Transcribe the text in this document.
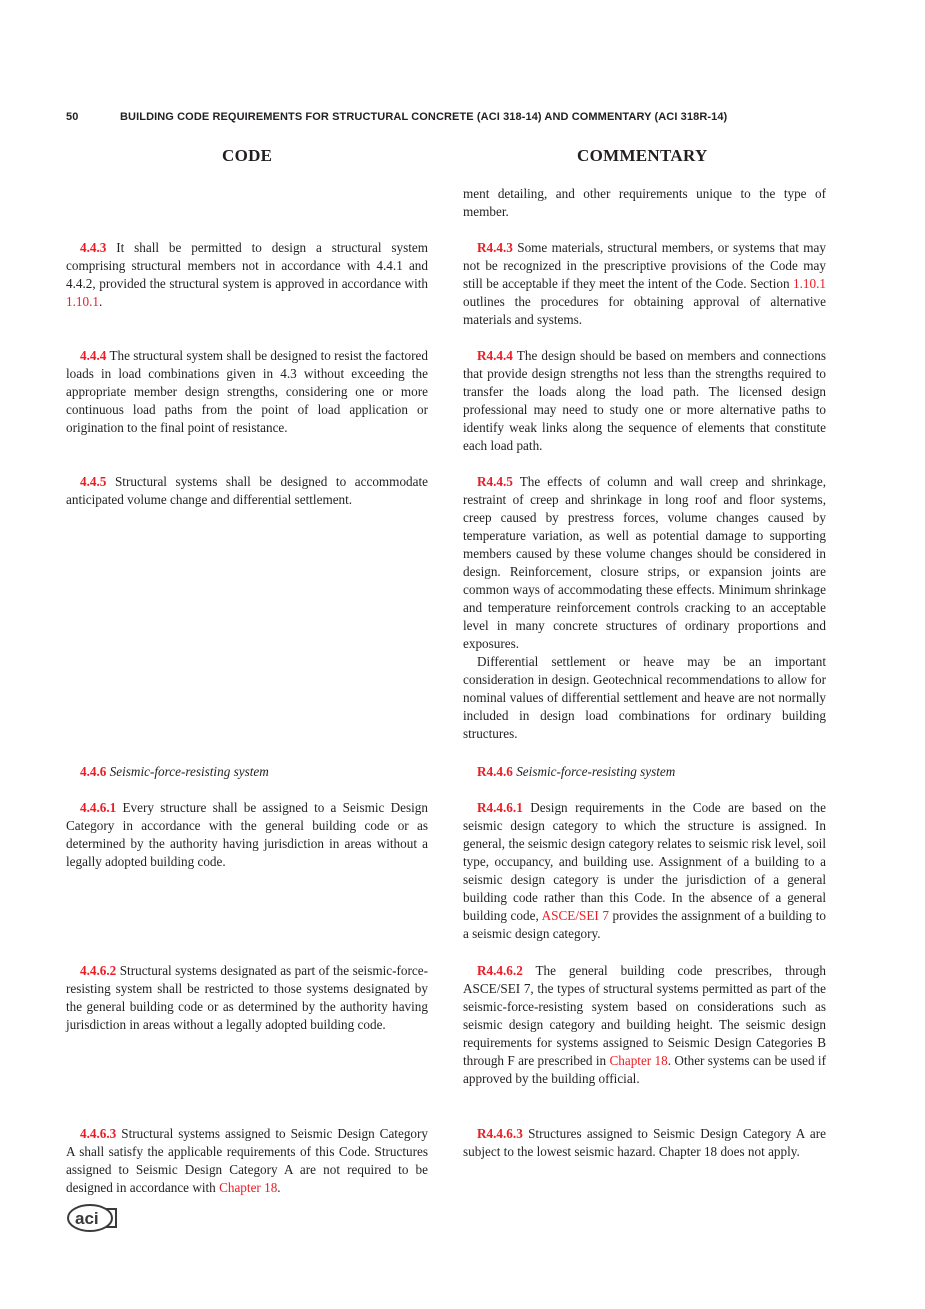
50	BUILDING CODE REQUIREMENTS FOR STRUCTURAL CONCRETE (ACI 318-14) AND COMMENTARY (ACI 318R-14)
CODE	COMMENTARY

ment detailing, and other requirements unique to the type of member.

4.4.3 It shall be permitted to design a structural system comprising structural members not in accordance with 4.4.1 and 4.4.2, provided the structural system is approved in accordance with 1.10.1.

R4.4.3 Some materials, structural members, or systems that may not be recognized in the prescriptive provisions of the Code may still be acceptable if they meet the intent of the Code. Section 1.10.1 outlines the procedures for obtaining approval of alternative materials and systems.

4.4.4 The structural system shall be designed to resist the factored loads in load combinations given in 4.3 without exceeding the appropriate member design strengths, considering one or more continuous load paths from the point of load application or origination to the final point of resistance.

R4.4.4 The design should be based on members and connections that provide design strengths not less than the strengths required to transfer the loads along the load path. The licensed design professional may need to study one or more alternative paths to identify weak links along the sequence of elements that constitute each load path.

4.4.5 Structural systems shall be designed to accommodate anticipated volume change and differential settlement.

R4.4.5 The effects of column and wall creep and shrinkage, restraint of creep and shrinkage in long roof and floor systems, creep caused by prestress forces, volume changes caused by temperature variation, as well as potential damage to supporting members caused by these volume changes should be considered in design. Reinforcement, closure strips, or expansion joints are common ways of accommodating these effects. Minimum shrinkage and temperature reinforcement controls cracking to an acceptable level in many concrete structures of ordinary proportions and exposures.

Differential settlement or heave may be an important consideration in design. Geotechnical recommendations to allow for nominal values of differential settlement and heave are not normally included in design load combinations for ordinary building structures.

4.4.6 Seismic-force-resisting system	R4.4.6 Seismic-force-resisting system

4.4.6.1 Every structure shall be assigned to a Seismic Design Category in accordance with the general building code or as determined by the authority having jurisdiction in areas without a legally adopted building code.

R4.4.6.1 Design requirements in the Code are based on the seismic design category to which the structure is assigned. In general, the seismic design category relates to seismic risk level, soil type, occupancy, and building use. Assignment of a building to a seismic design category is under the jurisdiction of a general building code rather than this Code. In the absence of a general building code, ASCE/SEI 7 provides the assignment of a building to a seismic design category.

4.4.6.2 Structural systems designated as part of the seismic-force-resisting system shall be restricted to those systems designated by the general building code or as determined by the authority having jurisdiction in areas without a legally adopted building code.

R4.4.6.2 The general building code prescribes, through ASCE/SEI 7, the types of structural systems permitted as part of the seismic-force-resisting system based on considerations such as seismic design category and building height. The seismic design requirements for systems assigned to Seismic Design Categories B through F are prescribed in Chapter 18. Other systems can be used if approved by the building official.

4.4.6.3 Structural systems assigned to Seismic Design Category A shall satisfy the applicable requirements of this Code. Structures assigned to Seismic Design Category A are not required to be designed in accordance with Chapter 18.

R4.4.6.3 Structures assigned to Seismic Design Category A are subject to the lowest seismic hazard. Chapter 18 does not apply.

aci
